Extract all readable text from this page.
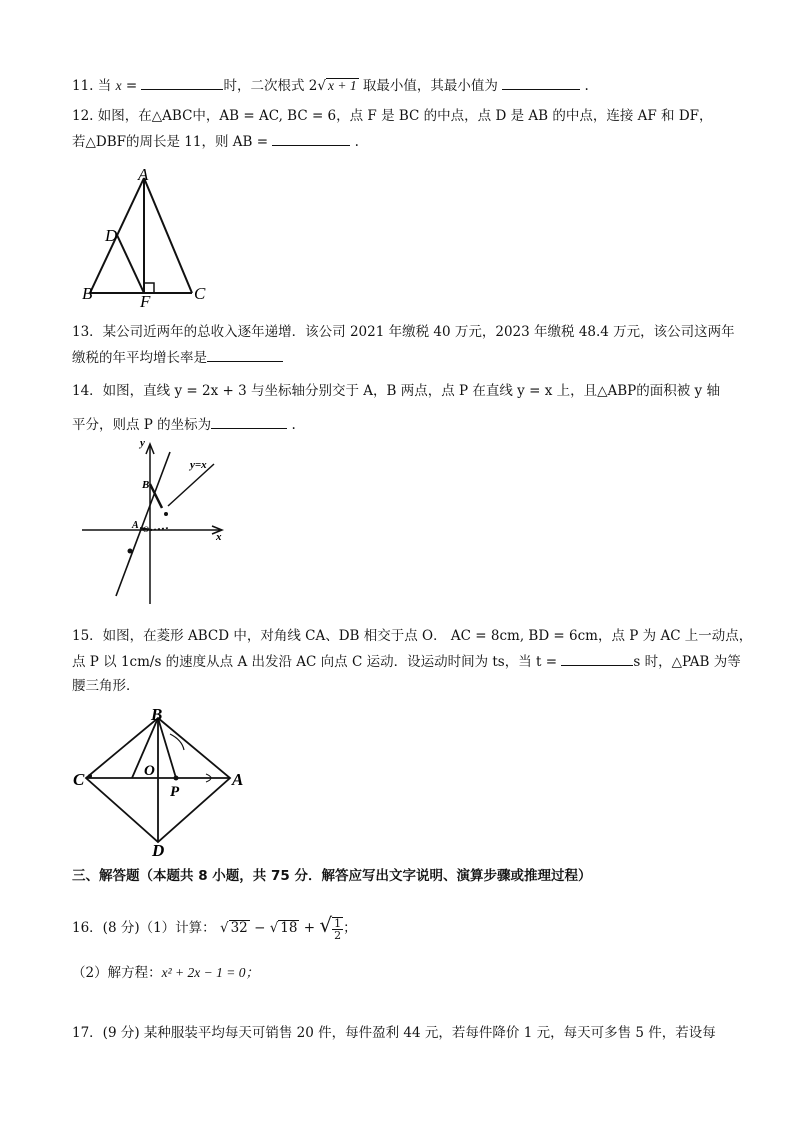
11. 当 x =	时，二次根式 2√ x + 1 取最小值，其最小值为	.
12. 如图，在△ABC中，AB = AC, BC = 6，点 F 是 BC 的中点，点 D 是 AB 的中点，连接 AF 和 DF，
若△DBF的周长是 11，则 AB =	.
A
D
B	F	C
13．某公司近两年的总收入逐年递增．该公司 2021 年缴税 40 万元，2023 年缴税 48.4 万元，该公司这两年
缴税的年平均增长率是
14．如图，直线 y = 2x + 3 与坐标轴分别交于 A，B 两点，点 P 在直线 y = x 上，且△ABP的面积被 y 轴
平分，则点 P 的坐标为	.
y
x
y=x
B
A O
15．如图，在菱形 ABCD 中，对角线 CA、DB 相交于点 O． AC = 8cm, BD = 6cm，点 P 为 AC 上一动点，
点 P 以 1cm/s 的速度从点 A 出发沿 AC 向点 C 运动．设运动时间为 ts，当 t =	s 时，△PAB 为等
腰三角形．
B
C	A
O
P
D
三、解答题（本题共 8 小题，共 75 分．解答应写出文字说明、演算步骤或推理过程）
16．(8 分)（1）计算： √ 32 − √ 18 + √ $\frac{1}{2}$ ；
（2）解方程：x² + 2x − 1 = 0；
17．(9 分) 某种服装平均每天可销售 20 件，每件盈利 44 元，若每件降价 1 元，每天可多售 5 件，若设每
